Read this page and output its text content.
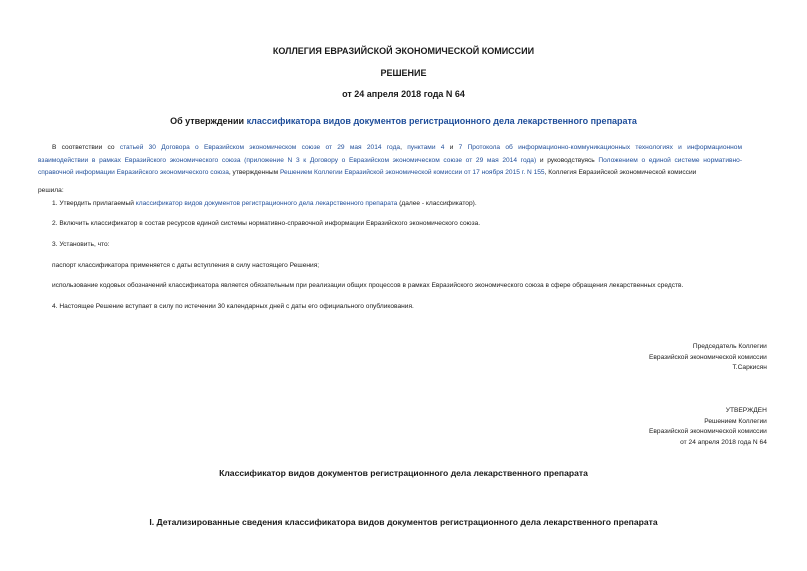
КОЛЛЕГИЯ ЕВРАЗИЙСКОЙ ЭКОНОМИЧЕСКОЙ КОМИССИИ
РЕШЕНИЕ
от 24 апреля 2018 года N 64
Об утверждении классификатора видов документов регистрационного дела лекарственного препарата
В соответствии со статьей 30 Договора о Евразийском экономическом союзе от 29 мая 2014 года, пунктами 4 и 7 Протокола об информационно-коммуникационных технологиях и информационном
взаимодействии в рамках Евразийского экономического союза (приложение N 3 к Договору о Евразийском экономическом союзе от 29 мая 2014 года) и руководствуясь Положением о единой системе нормативно-
справочной информации Евразийского экономического союза, утвержденным Решением Коллегии Евразийской экономической комиссии от 17 ноября 2015 г. N 155, Коллегия Евразийской экономической комиссии
решила:
1. Утвердить прилагаемый классификатор видов документов регистрационного дела лекарственного препарата (далее - классификатор).
2. Включить классификатор в состав ресурсов единой системы нормативно-справочной информации Евразийского экономического союза.
3. Установить, что:
паспорт классификатора применяется с даты вступления в силу настоящего Решения;
использование кодовых обозначений классификатора является обязательным при реализации общих процессов в рамках Евразийского экономического союза в сфере обращения лекарственных средств.
4. Настоящее Решение вступает в силу по истечении 30 календарных дней с даты его официального опубликования.
Председатель Коллегии
Евразийской экономической комиссии
Т.Саркисян
УТВЕРЖДЕН
Решением Коллегии
Евразийской экономической комиссии
от 24 апреля 2018 года N 64
Классификатор видов документов регистрационного дела лекарственного препарата
I. Детализированные сведения классификатора видов документов регистрационного дела лекарственного препарата
